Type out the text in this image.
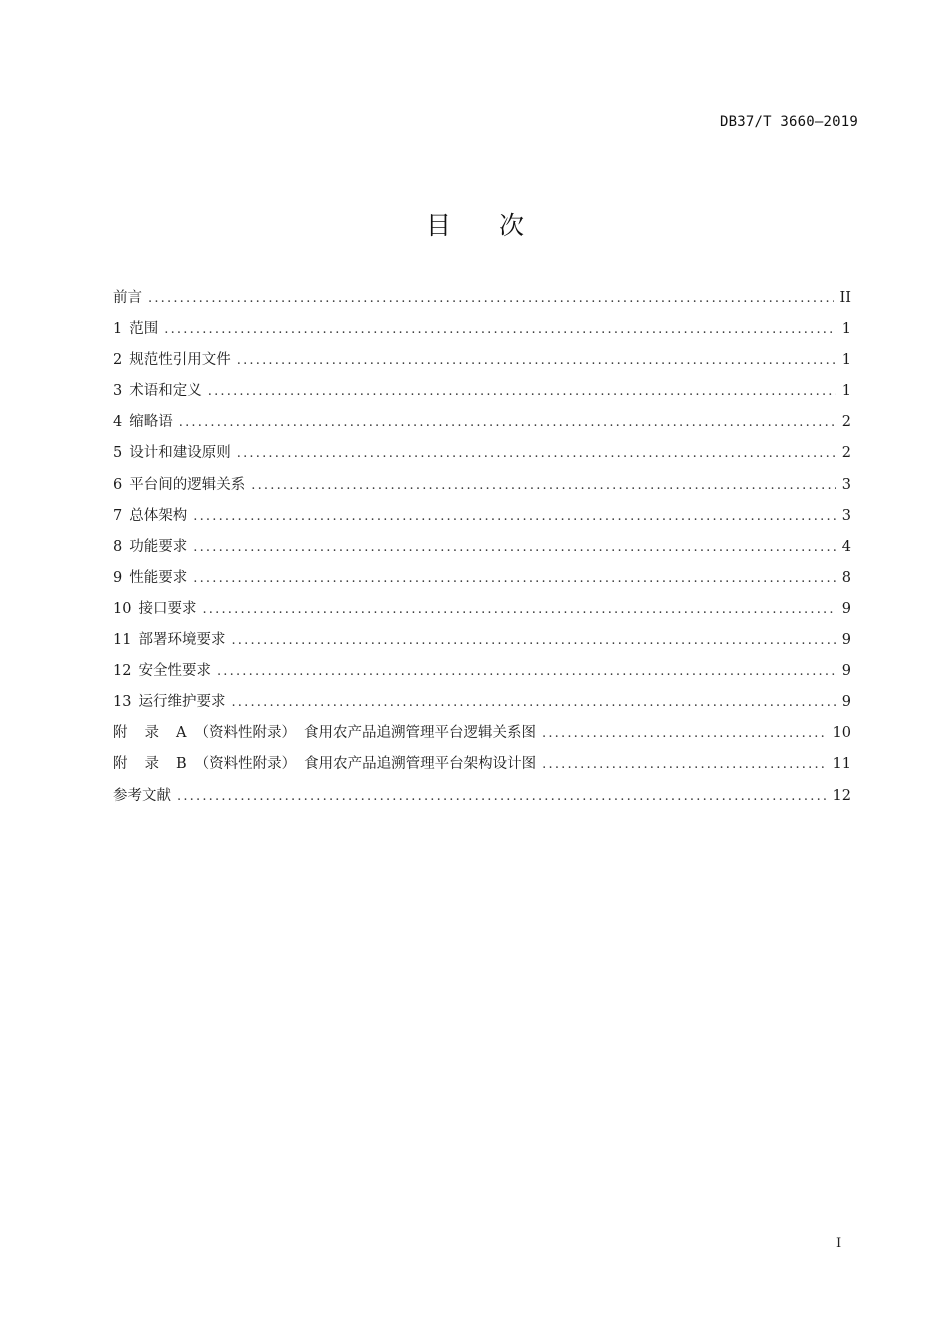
DB37/T 3660—2019
目 次
前言 .....	II
1 范围 .....	1
2 规范性引用文件 .....	1
3 术语和定义 .....	1
4 缩略语 .....	2
5 设计和建设原则 .....	2
6 平台间的逻辑关系 .....	3
7 总体架构 .....	3
8 功能要求 .....	4
9 性能要求 .....	8
10 接口要求 .....	9
11 部署环境要求 .....	9
12 安全性要求 .....	9
13 运行维护要求 .....	9
附 录 A （资料性附录） 食用农产品追溯管理平台逻辑关系图 .....	10
附 录 B （资料性附录） 食用农产品追溯管理平台架构设计图 .....	11
参考文献 .....	12
I
